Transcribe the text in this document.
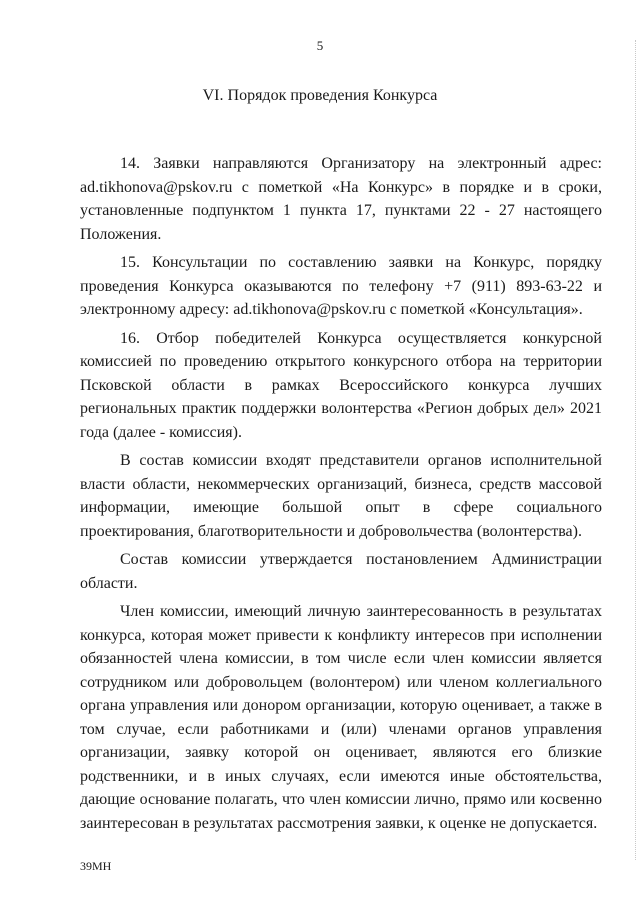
5
VI. Порядок проведения Конкурса

14. Заявки направляются Организатору на электронный адрес: ad.tikhonova@pskov.ru с пометкой «На Конкурс» в порядке и в сроки, установленные подпунктом 1 пункта 17, пунктами 22 - 27 настоящего Положения.

15. Консультации по составлению заявки на Конкурс, порядку проведения Конкурса оказываются по телефону +7 (911) 893-63-22 и электронному адресу: ad.tikhonova@pskov.ru с пометкой «Консультация».

16. Отбор победителей Конкурса осуществляется конкурсной комиссией по проведению открытого конкурсного отбора на территории Псковской области в рамках Всероссийского конкурса лучших региональных практик поддержки волонтерства «Регион добрых дел» 2021 года (далее - комиссия).

В состав комиссии входят представители органов исполнительной власти области, некоммерческих организаций, бизнеса, средств массовой информации, имеющие большой опыт в сфере социального проектирования, благотворительности и добровольчества (волонтерства).

Состав комиссии утверждается постановлением Администрации области.

Член комиссии, имеющий личную заинтересованность в результатах конкурса, которая может привести к конфликту интересов при исполнении обязанностей члена комиссии, в том числе если член комиссии является сотрудником или добровольцем (волонтером) или членом коллегиального органа управления или донором организации, которую оценивает, а также в том случае, если работниками и (или) членами органов управления организации, заявку которой он оценивает, являются его близкие родственники, и в иных случаях, если имеются иные обстоятельства, дающие основание полагать, что член комиссии лично, прямо или косвенно заинтересован в результатах рассмотрения заявки, к оценке не допускается.

39МН
